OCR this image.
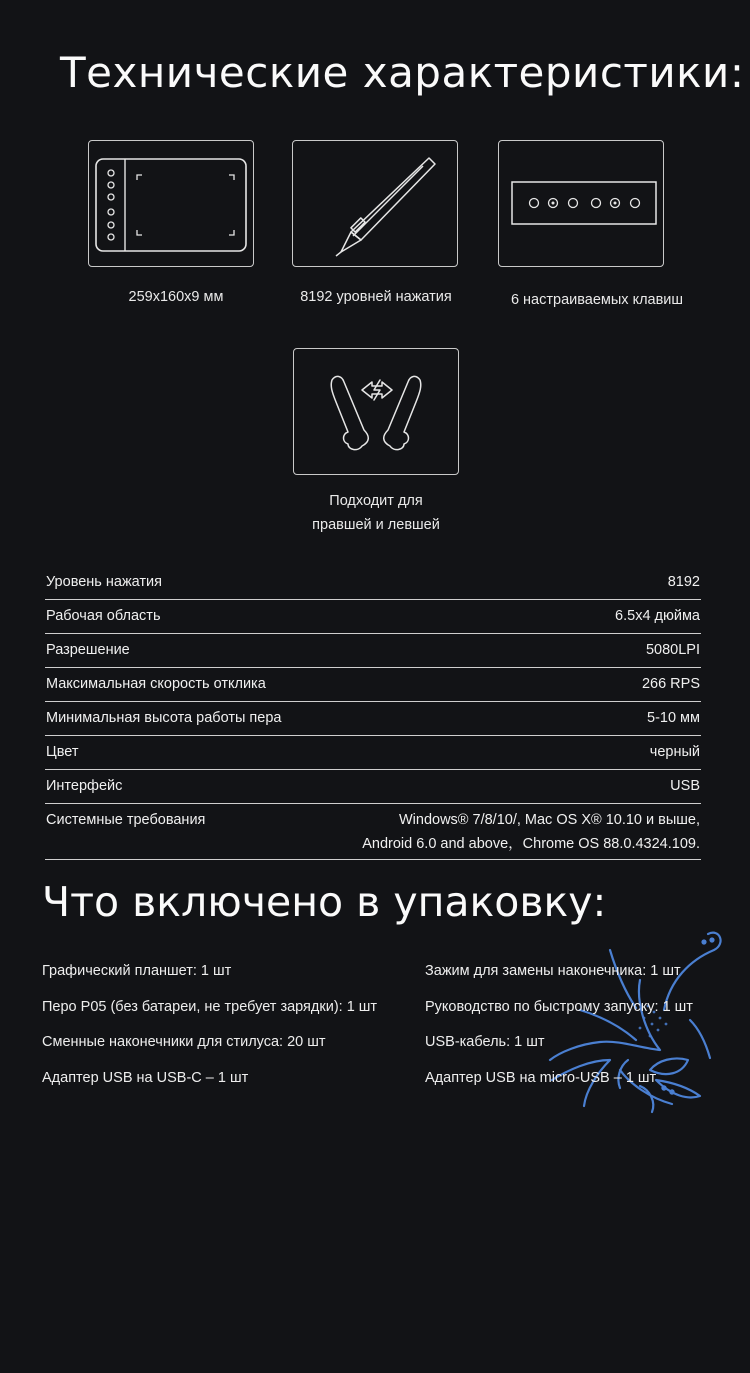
Технические характеристики:
259x160x9 мм	8192 уровней нажатия	6 настраиваемых клавиш
Подходит для
правшей и левшей
Уровень нажатия	8192
Рабочая область	6.5x4 дюйма
Разрешение	5080LPI
Максимальная скорость отклика	266 RPS
Минимальная высота работы пера	5-10 мм
Цвет	черный
Интерфейс	USB
Системные требования	Windows® 7/8/10/, Mac OS X® 10.10 и выше,
Android 6.0 and above，Chrome OS 88.0.4324.109.
Что включено в упаковку:
Графический планшет: 1 шт
Перо P05 (без батареи, не требует зарядки): 1 шт
Сменные наконечники для стилуса: 20 шт
Адаптер USB на USB-C – 1 шт
Зажим для замены наконечника: 1 шт
Руководство по быстрому запуску: 1 шт
USB-кабель: 1 шт
Адаптер USB на micro-USB – 1 шт
